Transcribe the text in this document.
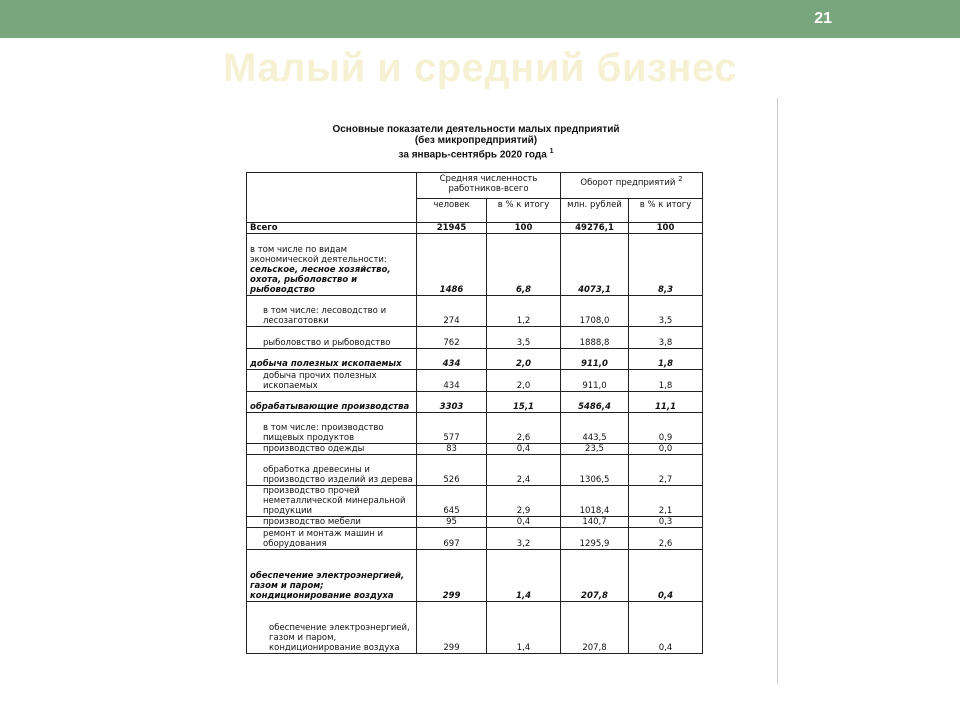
21
Малый и средний бизнес
Основные показатели деятельности малых предприятий
(без микропредприятий)
за январь-сентябрь 2020 года $^1$
	Средняя численность работников-всего		Оборот предприятий $^2$
	человек	в % к итогу	млн. рублей	в % к итогу
Всего	21945	100	49276,1	100
в том числе по видам экономической деятельности:
сельское, лесное хозяйство, охота, рыболовство и рыбоводство	1486	6,8	4073,1	8,3
в том числе: лесоводство и лесозаготовки	274	1,2	1708,0	3,5
рыболовство и рыбоводство	762	3,5	1888,8	3,8
добыча полезных ископаемых	434	2,0	911,0	1,8
добыча прочих полезных ископаемых	434	2,0	911,0	1,8
обрабатывающие производства	3303	15,1	5486,4	11,1
в том числе: производство пищевых продуктов	577	2,6	443,5	0,9
производство одежды	83	0,4	23,5	0,0
обработка древесины и производство изделий из дерева	526	2,4	1306,5	2,7
производство прочей неметаллической минеральной продукции	645	2,9	1018,4	2,1
производство мебели	95	0,4	140,7	0,3
ремонт и монтаж машин и оборудования	697	3,2	1295,9	2,6
обеспечение электроэнергией, газом и паром; кондиционирование воздуха	299	1,4	207,8	0,4
обеспечение электроэнергией, газом и паром, кондиционирование воздуха	299	1,4	207,8	0,4
